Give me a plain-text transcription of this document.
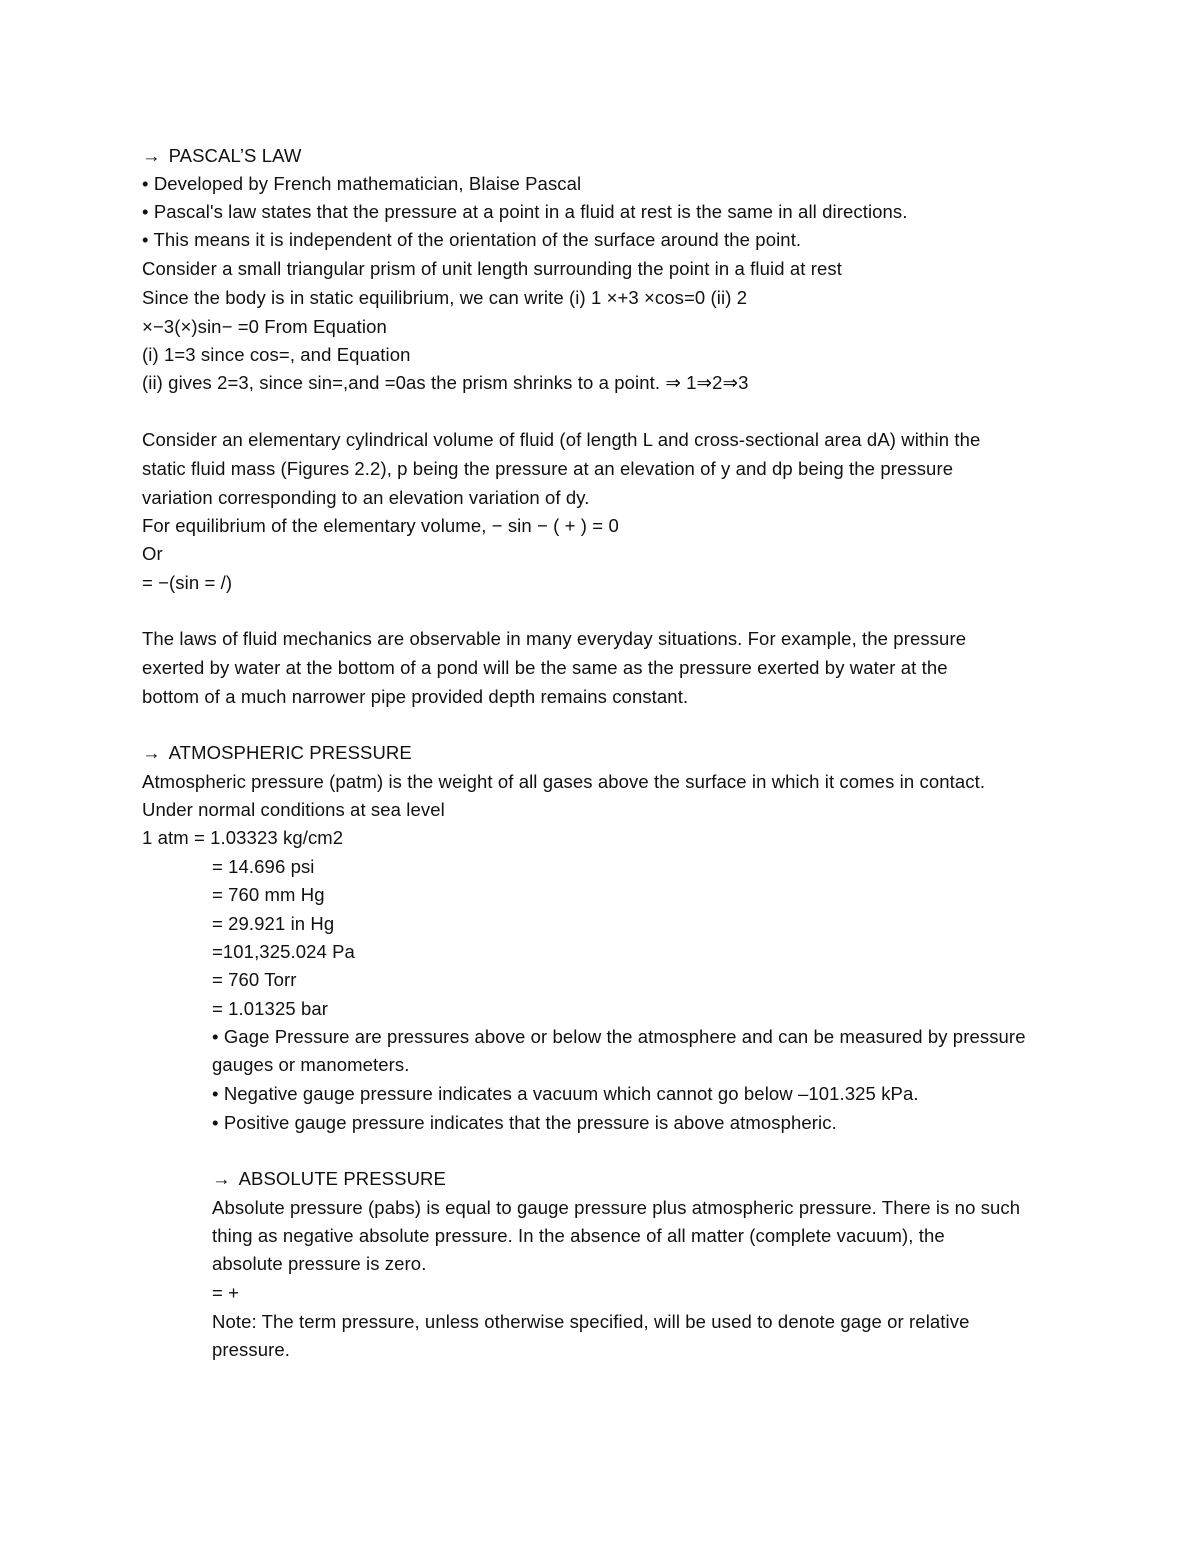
→ PASCAL’S LAW
• Developed by French mathematician, Blaise Pascal
• Pascal's law states that the pressure at a point in a fluid at rest is the same in all directions.
• This means it is independent of the orientation of the surface around the point.
Consider a small triangular prism of unit length surrounding the point in a fluid at rest
Since the body is in static equilibrium, we can write (i) 1 ×+3 ×cos=0 (ii) 2
×−3(×)sin− =0 From Equation
(i) 1=3 since cos=, and Equation
(ii) gives 2=3, since sin=,and =0as the prism shrinks to a point. ⇒ 1⇒2⇒3
Consider an elementary cylindrical volume of fluid (of length L and cross-sectional area dA) within the
static fluid mass (Figures 2.2), p being the pressure at an elevation of y and dp being the pressure
variation corresponding to an elevation variation of dy.
For equilibrium of the elementary volume, − sin − ( + ) = 0
Or
= −(sin = /)
The laws of fluid mechanics are observable in many everyday situations. For example, the pressure
exerted by water at the bottom of a pond will be the same as the pressure exerted by water at the
bottom of a much narrower pipe provided depth remains constant.
→ ATMOSPHERIC PRESSURE
Atmospheric pressure (patm) is the weight of all gases above the surface in which it comes in contact.
Under normal conditions at sea level
1 atm = 1.03323 kg/cm2
= 14.696 psi
= 760 mm Hg
= 29.921 in Hg
=101,325.024 Pa
= 760 Torr
= 1.01325 bar
• Gage Pressure are pressures above or below the atmosphere and can be measured by pressure
gauges or manometers.
• Negative gauge pressure indicates a vacuum which cannot go below –101.325 kPa.
• Positive gauge pressure indicates that the pressure is above atmospheric.
→ ABSOLUTE PRESSURE
Absolute pressure (pabs) is equal to gauge pressure plus atmospheric pressure. There is no such
thing as negative absolute pressure. In the absence of all matter (complete vacuum), the
absolute pressure is zero.
= +
Note: The term pressure, unless otherwise specified, will be used to denote gage or relative
pressure.
